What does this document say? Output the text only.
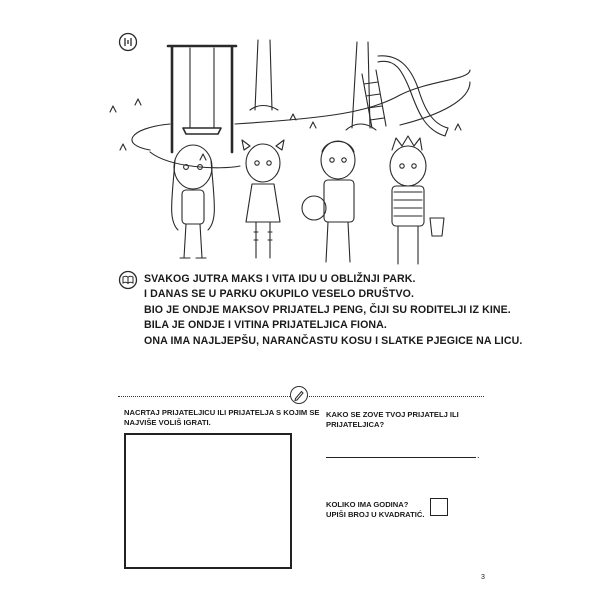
SVAKOG JUTRA MAKS I VITA IDU U OBLIŽNJI PARK.
I DANAS SE U PARKU OKUPILO VESELO DRUŠTVO.
BIO JE ONDJE MAKSOV PRIJATELJ PENG, ČIJI SU RODITELJI IZ KINE.
BILA JE ONDJE I VITINA PRIJATELJICA FIONA.
ONA IMA NAJLJEPŠU, NARANČASTU KOSU I SLATKE PJEGICE NA LICU.
NACRTAJ PRIJATELJICU ILI PRIJATELJA S KOJIM SE
NAJVIŠE VOLIŠ IGRATI.
KAKO SE ZOVE TVOJ PRIJATELJ ILI
PRIJATELJICA?
.
KOLIKO IMA GODINA?
UPIŠI BROJ U KVADRATIĆ.
3
